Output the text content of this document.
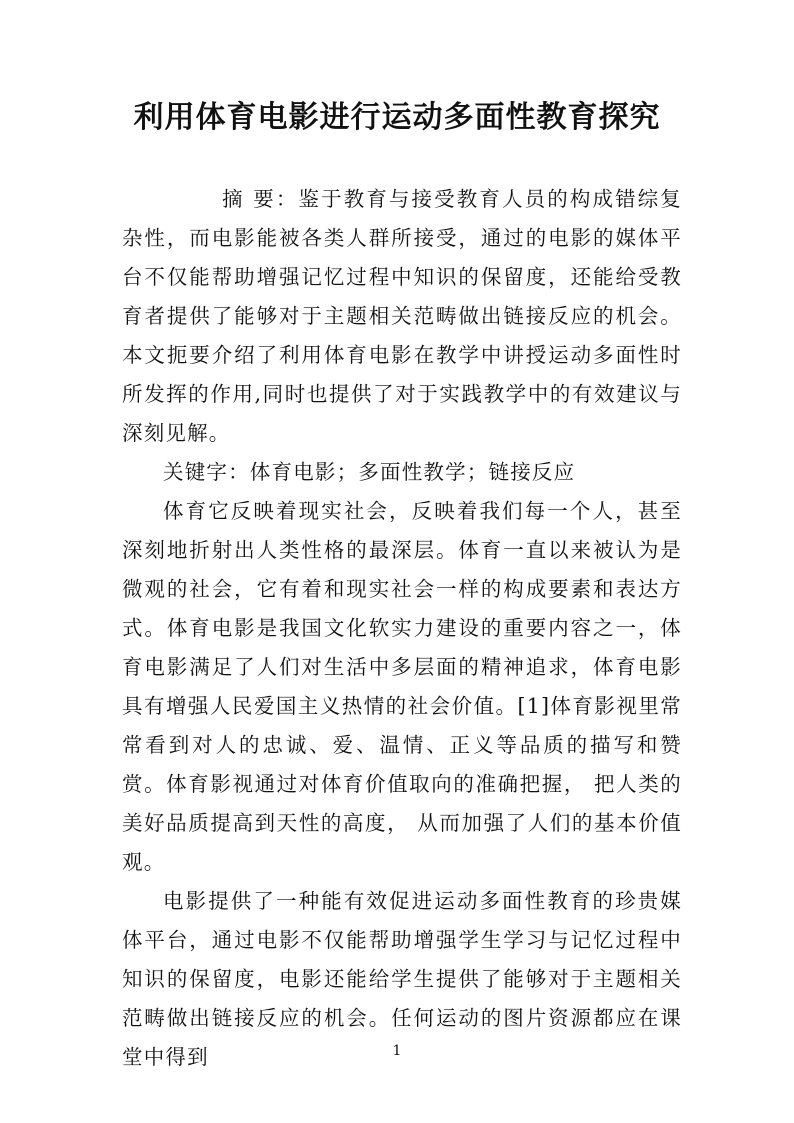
利用体育电影进行运动多面性教育探究

摘 要：鉴于教育与接受教育人员的构成错综复杂性，而电影能被各类人群所接受，通过的电影的媒体平台不仅能帮助增强记忆过程中知识的保留度，还能给受教育者提供了能够对于主题相关范畴做出链接反应的机会。本文扼要介绍了利用体育电影在教学中讲授运动多面性时所发挥的作用,同时也提供了对于实践教学中的有效建议与深刻见解。

关键字：体育电影；多面性教学；链接反应

体育它反映着现实社会，反映着我们每一个人，甚至深刻地折射出人类性格的最深层。体育一直以来被认为是微观的社会，它有着和现实社会一样的构成要素和表达方式。体育电影是我国文化软实力建设的重要内容之一，体育电影满足了人们对生活中多层面的精神追求，体育电影具有增强人民爱国主义热情的社会价值。[1]体育影视里常常看到对人的忠诚、爱、温情、正义等品质的描写和赞赏。体育影视通过对体育价值取向的准确把握， 把人类的美好品质提高到天性的高度， 从而加强了人们的基本价值观。

电影提供了一种能有效促进运动多面性教育的珍贵媒体平台，通过电影不仅能帮助增强学生学习与记忆过程中知识的保留度，电影还能给学生提供了能够对于主题相关范畴做出链接反应的机会。任何运动的图片资源都应在课堂中得到	1
